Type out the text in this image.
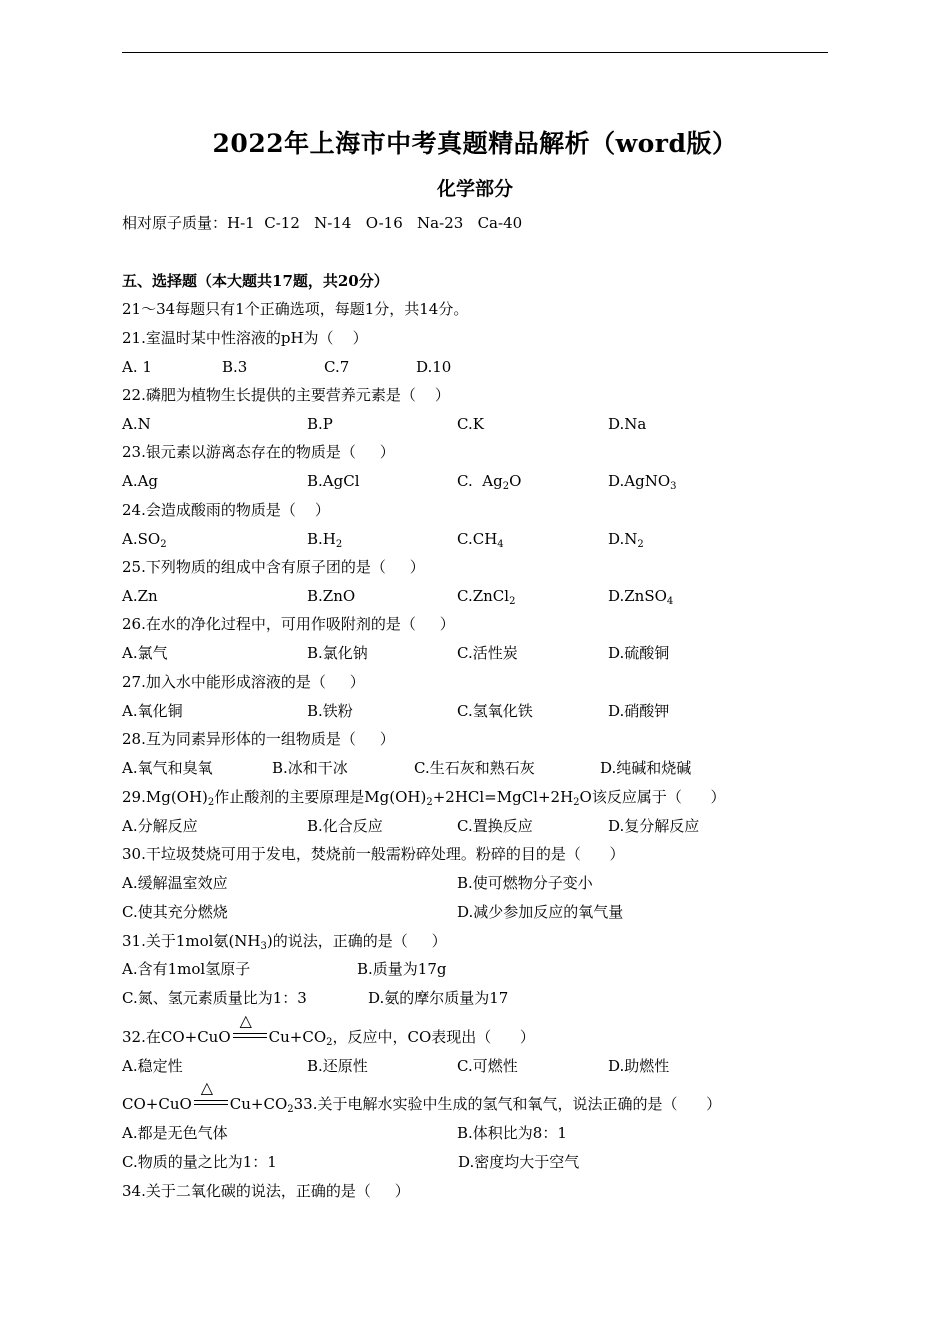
2022年上海市中考真题精品解析（word版）
化学部分
相对原子质量：H-1  C-12   N-14   O-16   Na-23   Ca-40
五、选择题（本大题共17题，共20分）
21～34每题只有1个正确选项，每题1分，共14分。
21.室温时某中性溶液的pH为（    ）
A. 1	B.3	C.7	D.10
22.磷肥为植物生长提供的主要营养元素是（    ）
A.N	B.P	C.K	D.Na
23.银元素以游离态存在的物质是（     ）
A.Ag	B.AgCl	C.  $Ag_2O$	D.AgNO$_3$
24.会造成酸雨的物质是（    ）
$A.SO_2$	$B.H_2$	$C.CH_4$	$D.N_2$
25.下列物质的组成中含有原子团的是（     ）
A.Zn	B.ZnO	C.ZnCl$_2$	D.ZnSO$_4$
26.在水的净化过程中，可用作吸附剂的是（     ）
A.氯气	B.氯化钠	C.活性炭	D.硫酸铜
27.加入水中能形成溶液的是（     ）
A.氧化铜	B.铁粉	C.氢氧化铁	D.硝酸钾
28.互为同素异形体的一组物质是（     ）
A.氧气和臭氧	B.冰和干冰	C.生石灰和熟石灰	D.纯碱和烧碱
$29.Mg(OH)_2$作止酸剂的主要原理是$Mg(OH)_2+2HCl=MgCl+2H_2O$该反应属于（      ）
A.分解反应	B.化合反应	C.置换反应	D.复分解反应
30.干垃圾焚烧可用于发电，焚烧前一般需粉碎处理。粉碎的目的是（      ）
A.缓解温室效应	B.使可燃物分子变小
C.使其充分燃烧	D.减少参加反应的氧气量
31.关于1mol氨$(NH_3)$的说法，正确的是（     ）
A.含有1mol氢原子	B.质量为17g
C.氮、氢元素质量比为1：3	D.氨的摩尔质量为17
32.在CO+CuO
△
$Cu+CO_2$，反应中，CO表现出（      ）
A.稳定性	B.还原性	C.可燃性	D.助燃性
CO+CuO
△
$Cu+CO_233$.关于电解水实验中生成的氢气和氧气，说法正确的是（      ）
A.都是无色气体	B.体积比为8：1
C.物质的量之比为1：1	D.密度均大于空气
34.关于二氧化碳的说法，正确的是（     ）
